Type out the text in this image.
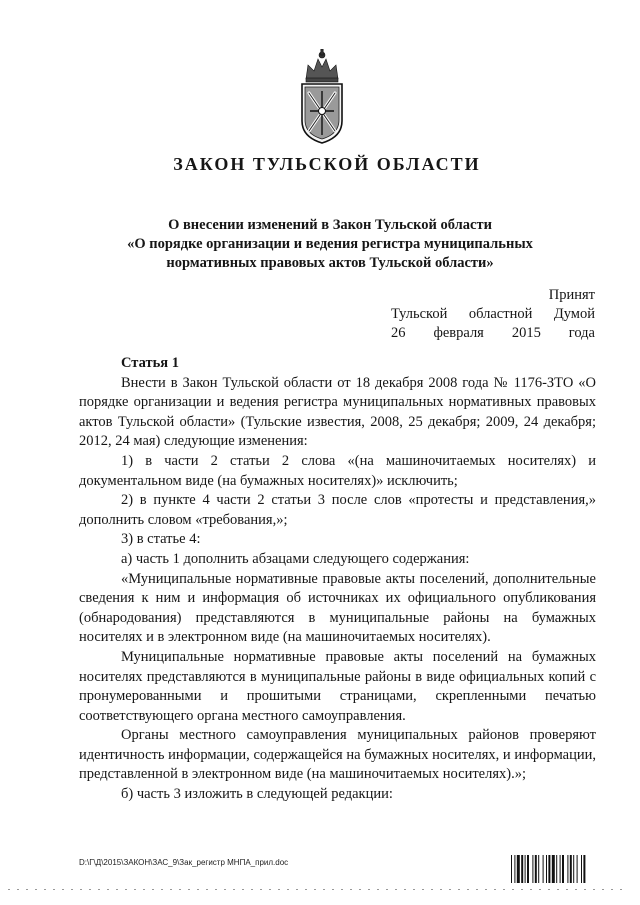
ЗАКОН ТУЛЬСКОЙ ОБЛАСТИ
О внесении изменений в Закон Тульской области
«О порядке организации и ведения регистра муниципальных
нормативных правовых актов Тульской области»
Принят
Тульской областной Думой
26 февраля 2015 года
Статья 1

Внести в Закон Тульской области от 18 декабря 2008 года № 1176-ЗТО «О порядке организации и ведения регистра муниципальных нормативных правовых актов Тульской области» (Тульские известия, 2008, 25 декабря; 2009, 24 декабря; 2012, 24 мая) следующие изменения:

1) в части 2 статьи 2 слова «(на машиночитаемых носителях) и документальном виде (на бумажных носителях)» исключить;

2) в пункте 4 части 2 статьи 3 после слов «протесты и представления,» дополнить словом «требования,»;

3) в статье 4:

а) часть 1 дополнить абзацами следующего содержания:

«Муниципальные нормативные правовые акты поселений, дополнительные сведения к ним и информация об источниках их официального опубликования (обнародования) представляются в муниципальные районы на бумажных носителях и в электронном виде (на машиночитаемых носителях).

Муниципальные нормативные правовые акты поселений на бумажных носителях представляются в муниципальные районы в виде официальных копий с пронумерованными и прошитыми страницами, скрепленными печатью соответствующего органа местного самоуправления.

Органы местного самоуправления муниципальных районов проверяют идентичность информации, содержащейся на бумажных носителях, и информации, представленной в электронном виде (на машиночитаемых носителях).»;

б) часть 3 изложить в следующей редакции:

D:\Г\Д\2015\ЗАКОН\ЗАС_9\Зак_регистр МНПА_прил.doc
